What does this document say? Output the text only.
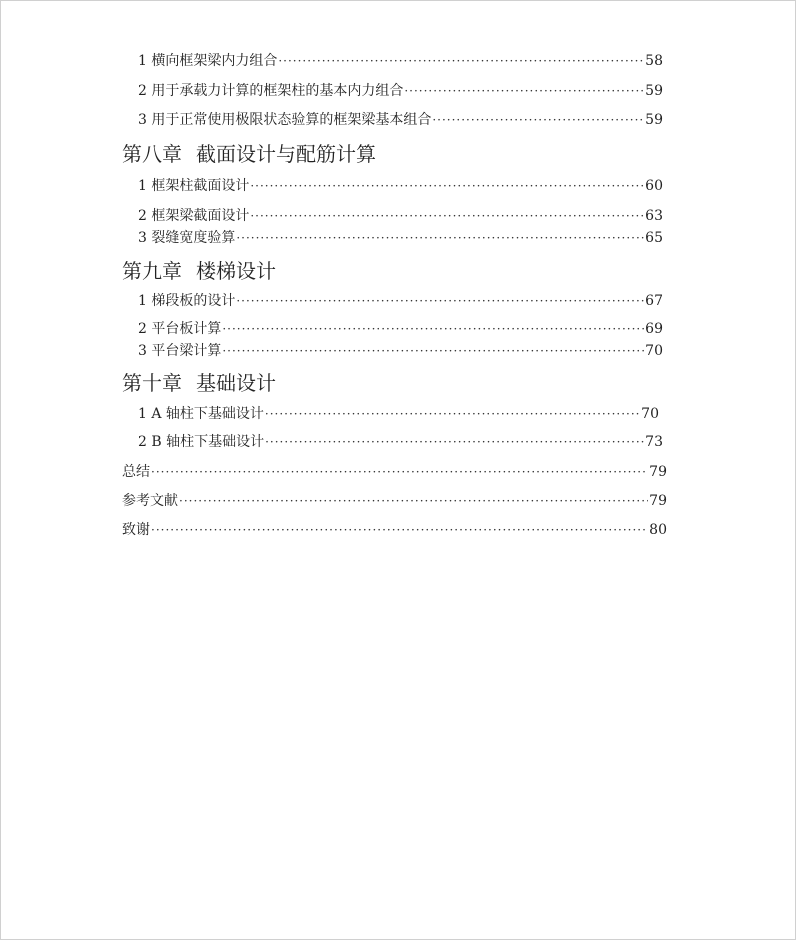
1 横向框架梁内力组合 ·····	58
2 用于承载力计算的框架柱的基本内力组合 ·····	59
3 用于正常使用极限状态验算的框架梁基本组合 ·····	59
第八章 截面设计与配筋计算
1 框架柱截面设计 ·····	60
2 框架梁截面设计 ·····	63
3 裂缝宽度验算 ·····	65
第九章 楼梯设计
1 梯段板的设计 ·····	67
2 平台板计算 ·····	69
3 平台梁计算 ·····	70
第十章 基础设计
1 A 轴柱下基础设计 ·····	70
2 B 轴柱下基础设计 ·····	73
总结 ·····	79
参考文献 ·····	79
致谢 ·····	80
